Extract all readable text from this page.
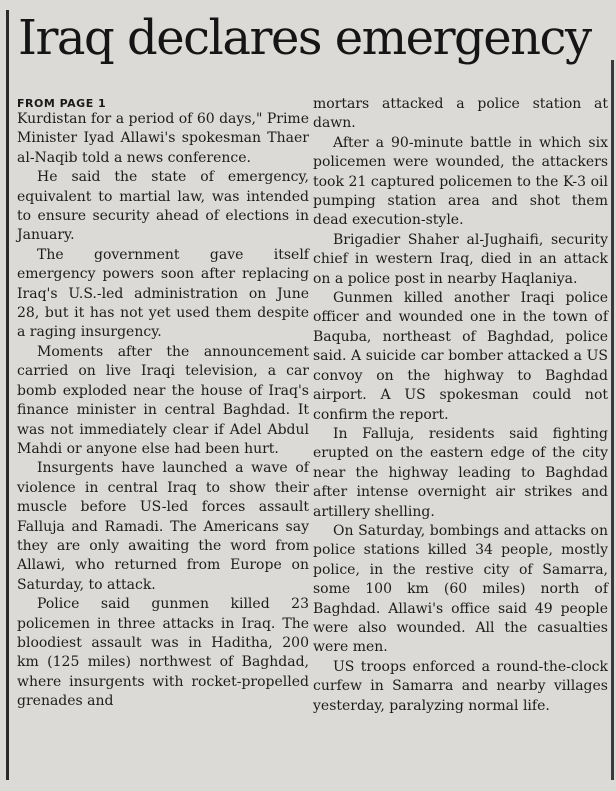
Iraq declares emergency

FROM PAGE 1

Kurdistan for a period of 60 days," Prime Minister Iyad Allawi's spokesman Thaer al-Naqib told a news conference.

He said the state of emergency, equivalent to martial law, was intended to ensure security ahead of elections in January.

The government gave itself emergency powers soon after replacing Iraq's U.S.-led administration on June 28, but it has not yet used them despite a raging insurgency.

Moments after the announcement carried on live Iraqi television, a car bomb exploded near the house of Iraq's finance minister in central Baghdad. It was not immediately clear if Adel Abdul Mahdi or anyone else had been hurt.

Insurgents have launched a wave of violence in central Iraq to show their muscle before US-led forces assault Falluja and Ramadi. The Americans say they are only awaiting the word from Allawi, who returned from Europe on Saturday, to attack.

Police said gunmen killed 23 policemen in three attacks in Iraq. The bloodiest assault was in Haditha, 200 km (125 miles) northwest of Baghdad, where insurgents with rocket-propelled grenades and

mortars attacked a police station at dawn.

After a 90-minute battle in which six policemen were wounded, the attackers took 21 captured policemen to the K-3 oil pumping station area and shot them dead execution-style.

Brigadier Shaher al-Jughaifi, security chief in western Iraq, died in an attack on a police post in nearby Haqlaniya.

Gunmen killed another Iraqi police officer and wounded one in the town of Baquba, northeast of Baghdad, police said. A suicide car bomber attacked a US convoy on the highway to Baghdad airport. A US spokesman could not confirm the report.

In Falluja, residents said fighting erupted on the eastern edge of the city near the highway leading to Baghdad after intense overnight air strikes and artillery shelling.

On Saturday, bombings and attacks on police stations killed 34 people, mostly police, in the restive city of Samarra, some 100 km (60 miles) north of Baghdad. Allawi's office said 49 people were also wounded. All the casualties were men.

US troops enforced a round-the-clock curfew in Samarra and nearby villages yesterday, paralyzing normal life.
